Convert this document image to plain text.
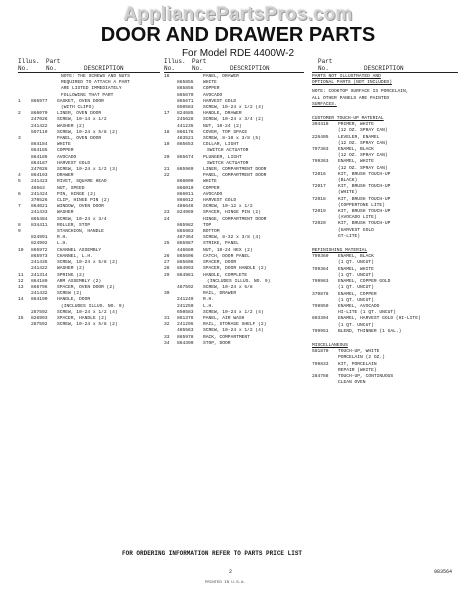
AppliancePartsPros.com
DOOR AND DRAWER PARTS
For Model RDE 4400W-2
Illus. Part
No.	No.	DESCRIPTION
NOTE: THE SCREWS AND NUTS
REQUIRED TO ATTACH A PART
ARE LISTED IMMEDIATELY
FOLLOWING THAT PART
1	865977	GASKET, OVEN DOOR
(WITH CLIPS)
2	866070	LINER, OVEN DOOR
247026	SCREW, 10-14 x 1/2
241422	WASHER (2)
597119	SCREW, 10-24 x 5/8 (2)
3	PANEL, OVEN DOOR
864184	WHITE
864185	COPPER
864186	AVOCADO
864187	HARVEST GOLD
247026	SCREW, 10-24 x 1/2 (3)
4	864193	DRAWER
5	241423	RIVET, SQUARE HEAD
46563	NUT, SPEED
6	241424	PIN, HINGE (2)
370526	CLIP, HINGE PIN (2)
7	864021	WINDOW, OVEN DOOR
241433	WASHER
865484	SCREW, 10-24 x 3/4
8	834411	ROLLER, STOP
9	STANCHION, HANDLE
824991	R.H.
824992	L.H.
10	865972	CHANNEL ASSEMBLY
865973	CHANNEL, L.H.
241435	SCREW, 10-24 x 5/8 (2)
241422	WASHER (2)
11	241314	SPRING (2)
12	864180	ARM ASSEMBLY (2)
13	866796	SPACER, OVEN DOOR (2)
241432	SCREW (2)
14	864190	HANDLE, DOOR
(INCLUDES ILLUS. NO. 9)
287592	SCREW, 10-24 x 1/2 (4)
15	826993	SPACER, HANDLE (2)
287592	SCREW, 10-24 x 5/8 (2)
Illus. Part
No.	No.	DESCRIPTION
16	PANEL, DRAWER
865855	WHITE
865856	COPPER
865670	AVOCADO
865671	HARVEST GOLD
650583	SCREW, 10-24 x 1/2 (4)
17	824685	HANDLE, DRAWER
245628	SCREW, 10-24 x 3/4 (2)
441235	NUT, 10-24 (2)
18	866176	COVER, TOP SPACE
483521	SCREW, 8-18 x 3/8 (5)
19	865653	COLLAR, LIGHT
SWITCH ACTUATOR
20	865674	PLUNGER, LIGHT
SWITCH ACTUATOR
21	865969	LINER, COMPARTMENT DOOR
22	PANEL, COMPARTMENT DOOR
866009	WHITE
866010	COPPER
866011	AVOCADO
866012	HARVEST GOLD
486646	SCREW, 10-12 x 1/2
23	824969	SPACER, HINGE PIN (2)
24	HINGE, COMPARTMENT DOOR
865982	TOP
865983	BOTTOM
487464	SCREW, 8-32 x 3/8 (4)
25	865987	STRIKE, PANEL
446680	NUT, 10-24 HEX (2)
26	865606	CATCH, DOOR PANEL
27	865608	SPACER, DOOR
28	864993	SPACER, DOOR HANDLE (2)
29	864981	HANDLE, COMPLETE
(INCLUDES ILLUS. NO. 9)
487592	SCREW, 10-24 x 5/8
30	RAIL, DRAWER
241249	R.H.
241250	L.H.
650583	SCREW, 10-24 x 1/2 (4)
31	861376	PANEL, AIR WASH
32	241295	RAIL, STORAGE SHELF (2)
485563	SCREW, 10-24 x 1/2 (4)
33	865978	RACK, COMPARTMENT
34	864390	STOP, DOOR
Part
No.	DESCRIPTION
PARTS NOT ILLUSTRATED AND
OPTIONAL PARTS (NOT INCLUDED)
NOTE: COOKTOP SURFACE IS PORCELAIN,
ALL OTHER PANELS ARE PAINTED
SURFACES.
CUSTOMER TOUCH-UP MATERIAL
304410	PRIMER, WHITE
(12 OZ. SPRAY CAN)
226405	LEVELER, ENAMEL
(12 OZ. SPRAY CAN)
797383	ENAMEL, BLACK
(12 OZ. SPRAY CAN)
799363	ENAMEL, WHITE
(12 OZ. SPRAY CAN)
72016	KIT, BRUSH TOUCH-UP
(BLACK)
72017	KIT, BRUSH TOUCH-UP
(WHITE)
72018	KIT, BRUSH TOUCH-UP
(COPPERTONE LITE)
72019	KIT, BRUSH TOUCH-UP
(AVOCADO LITE)
72020	KIT, BRUSH TOUCH-UP
(HARVEST GOLD
GT-LITE)
REFINISHING MATERIAL
799360	ENAMEL, BLACK
(1 QT. UNCUT)
799364	ENAMEL, WHITE
(1 QT. UNCUT)
799963	ENAMEL, COPPER GOLD
(1 QT. UNCUT)
370878	ENAMEL, COPPER
(1 QT. UNCUT)
799950	ENAMEL, AVOCADO
HI-LITE (1 QT. UNCUT)
803304	ENAMEL, HARVEST GOLD (HI-LITE)
(1 QT. UNCUT)
799951	BLEND, THINNER (1 GAL.)
MISCELLANEOUS
581870	TOUCH-UP, WHITE
PORCELAIN (2 OZ.)
799833	KIT, PORCELAIN
REPAIR (WHITE)
284788	TOUCH-UP, CONTINUOUS
CLEAN OVEN
FOR ORDERING INFORMATION REFER TO PARTS PRICE LIST
2	983564
PRINTED IN U.S.A.
